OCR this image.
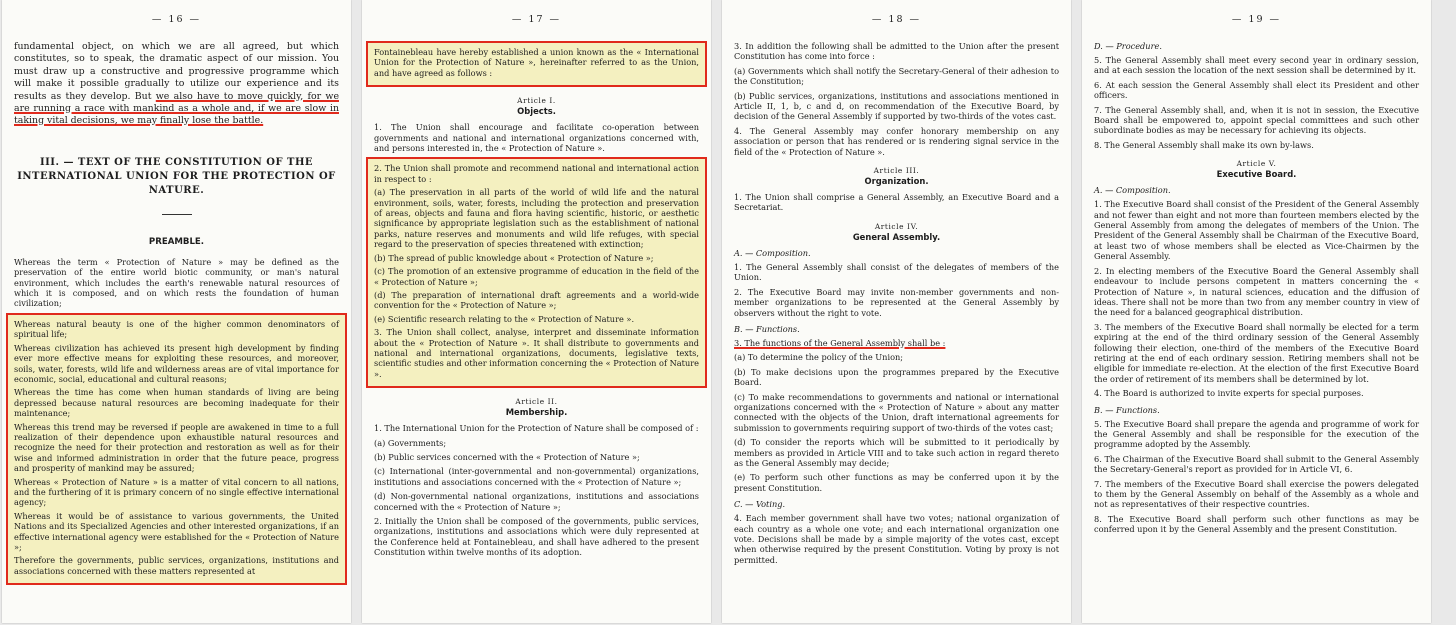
— 16 —

fundamental object, on which we are all agreed, but which constitutes, so to speak, the dramatic aspect of our mission. You must draw up a constructive and progressive programme which will make it possible gradually to utilize our experience and its results as they develop. But we also have to move quickly, for we are running a race with mankind as a whole and, if we are slow in taking vital decisions, we may finally lose the battle.

III. — TEXT OF THE CONSTITUTION OF THE INTERNATIONAL UNION FOR THE PROTECTION OF NATURE.
PREAMBLE.

Whereas the term « Protection of Nature » may be defined as the preservation of the entire world biotic community, or man's natural environment, which includes the earth's renewable natural resources of which it is composed, and on which rests the foundation of human civilization;

Whereas natural beauty is one of the higher common denominators of spiritual life;

Whereas civilization has achieved its present high development by finding ever more effective means for exploiting these resources, and moreover, soils, water, forests, wild life and wilderness areas are of vital importance for economic, social, educational and cultural reasons;

Whereas the time has come when human standards of living are being depressed because natural resources are becoming inadequate for their maintenance;

Whereas this trend may be reversed if people are awakened in time to a full realization of their dependence upon exhaustible natural resources and recognize the need for their protection and restoration as well as for their wise and informed administration in order that the future peace, progress and prosperity of mankind may be assured;

Whereas « Protection of Nature » is a matter of vital concern to all nations, and the furthering of it is primary concern of no single effective international agency;

Whereas it would be of assistance to various governments, the United Nations and its Specialized Agencies and other interested organizations, if an effective international agency were established for the « Protection of Nature »;

Therefore the governments, public services, organizations, institutions and associations concerned with these matters represented at

— 17 —

Fontainebleau have hereby established a union known as the « International Union for the Protection of Nature », hereinafter referred to as the Union, and have agreed as follows :

Article I.
Objects.

1. The Union shall encourage and facilitate co-operation between governments and national and international organizations concerned with, and persons interested in, the « Protection of Nature ».

2. The Union shall promote and recommend national and international action in respect to :

(a) The preservation in all parts of the world of wild life and the natural environment, soils, water, forests, including the protection and preservation of areas, objects and fauna and flora having scientific, historic, or aesthetic significance by appropriate legislation such as the establishment of national parks, nature reserves and monuments and wild life refuges, with special regard to the preservation of species threatened with extinction;

(b) The spread of public knowledge about « Protection of Nature »;

(c) The promotion of an extensive programme of education in the field of the « Protection of Nature »;

(d) The preparation of international draft agreements and a world-wide convention for the « Protection of Nature »;

(e) Scientific research relating to the « Protection of Nature ».

3. The Union shall collect, analyse, interpret and disseminate information about the « Protection of Nature ». It shall distribute to governments and national and international organizations, documents, legislative texts, scientific studies and other information concerning the « Protection of Nature ».

Article II.
Membership.

1. The International Union for the Protection of Nature shall be composed of :

(a) Governments;

(b) Public services concerned with the « Protection of Nature »;

(c) International (inter-governmental and non-governmental) organizations, institutions and associations concerned with the « Protection of Nature »;

(d) Non-governmental national organizations, institutions and associations concerned with the « Protection of Nature »;

2. Initially the Union shall be composed of the governments, public services, organizations, institutions and associations which were duly represented at the Conference held at Fontainebleau, and shall have adhered to the present Constitution within twelve months of its adoption.

— 18 —

3. In addition the following shall be admitted to the Union after the present Constitution has come into force :

(a) Governments which shall notify the Secretary-General of their adhesion to the Constitution;

(b) Public services, organizations, institutions and associations mentioned in Article II, 1, b, c and d, on recommendation of the Executive Board, by decision of the General Assembly if supported by two-thirds of the votes cast.

4. The General Assembly may confer honorary membership on any association or person that has rendered or is rendering signal service in the field of the « Protection of Nature ».

Article III.
Organization.

1. The Union shall comprise a General Assembly, an Executive Board and a Secretariat.

Article IV.
General Assembly.
A. — Composition.

1. The General Assembly shall consist of the delegates of members of the Union.

2. The Executive Board may invite non-member governments and non-member organizations to be represented at the General Assembly by observers without the right to vote.

B. — Functions.

3. The functions of the General Assembly shall be :

(a) To determine the policy of the Union;

(b) To make decisions upon the programmes prepared by the Executive Board.

(c) To make recommendations to governments and national or international organizations concerned with the « Protection of Nature » about any matter connected with the objects of the Union, draft international agreements for submission to governments requiring support of two-thirds of the votes cast;

(d) To consider the reports which will be submitted to it periodically by members as provided in Article VIII and to take such action in regard thereto as the General Assembly may decide;

(e) To perform such other functions as may be conferred upon it by the present Constitution.

C. — Voting.

4. Each member government shall have two votes; national organization of each country as a whole one vote; and each international organization one vote. Decisions shall be made by a simple majority of the votes cast, except when otherwise required by the present Constitution. Voting by proxy is not permitted.

— 19 —
D. — Procedure.

5. The General Assembly shall meet every second year in ordinary session, and at each session the location of the next session shall be determined by it.

6. At each session the General Assembly shall elect its President and other officers.

7. The General Assembly shall, and, when it is not in session, the Executive Board shall be empowered to, appoint special committees and such other subordinate bodies as may be necessary for achieving its objects.

8. The General Assembly shall make its own by-laws.

Article V.
Executive Board.
A. — Composition.

1. The Executive Board shall consist of the President of the General Assembly and not fewer than eight and not more than fourteen members elected by the General Assembly from among the delegates of members of the Union. The President of the General Assembly shall be Chairman of the Executive Board, at least two of whose members shall be elected as Vice-Chairmen by the General Assembly.

2. In electing members of the Executive Board the General Assembly shall endeavour to include persons competent in matters concerning the « Protection of Nature », in natural sciences, education and the diffusion of ideas. There shall not be more than two from any member country in view of the need for a balanced geographical distribution.

3. The members of the Executive Board shall normally be elected for a term expiring at the end of the third ordinary session of the General Assembly following their election, one-third of the members of the Executive Board retiring at the end of each ordinary session. Retiring members shall not be eligible for immediate re-election. At the election of the first Executive Board the order of retirement of its members shall be determined by lot.

4. The Board is authorized to invite experts for special purposes.

B. — Functions.

5. The Executive Board shall prepare the agenda and programme of work for the General Assembly and shall be responsible for the execution of the programme adopted by the Assembly.

6. The Chairman of the Executive Board shall submit to the General Assembly the Secretary-General's report as provided for in Article VI, 6.

7. The members of the Executive Board shall exercise the powers delegated to them by the General Assembly on behalf of the Assembly as a whole and not as representatives of their respective countries.

8. The Executive Board shall perform such other functions as may be conferred upon it by the General Assembly and the present Constitution.
